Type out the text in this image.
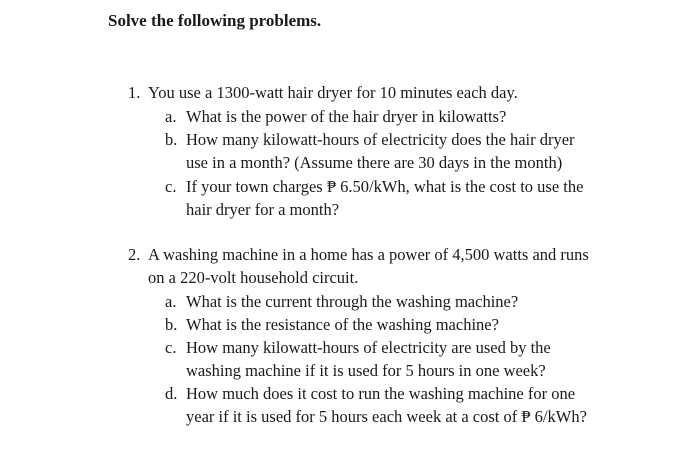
Solve the following problems.
1. You use a 1300-watt hair dryer for 10 minutes each day.
a. What is the power of the hair dryer in kilowatts?
b. How many kilowatt-hours of electricity does the hair dryer
use in a month? (Assume there are 30 days in the month)
c. If your town charges ₱ 6.50/kWh, what is the cost to use the
hair dryer for a month?
2. A washing machine in a home has a power of 4,500 watts and runs
on a 220-volt household circuit.
a. What is the current through the washing machine?
b. What is the resistance of the washing machine?
c. How many kilowatt-hours of electricity are used by the
washing machine if it is used for 5 hours in one week?
d. How much does it cost to run the washing machine for one
year if it is used for 5 hours each week at a cost of ₱ 6/kWh?
